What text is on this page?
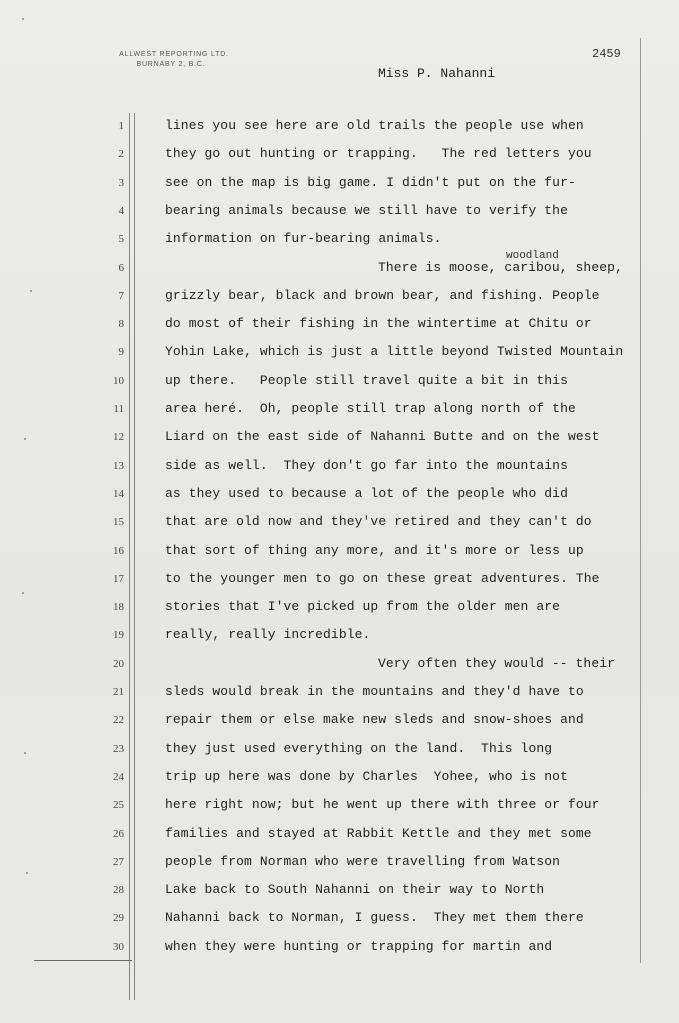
ALLWEST REPORTING LTD.

BURNABY 2, B.C.
2459
Miss P. Nahanni
woodland
1	lines you see here are old trails the people use when
2	they go out hunting or trapping.   The red letters you
3	see on the map is big game. I didn't put on the fur-
4	bearing animals because we still have to verify the
5	information on fur-bearing animals.
6	There is moose, caribou, sheep,
7	grizzly bear, black and brown bear, and fishing. People
8	do most of their fishing in the wintertime at Chitu or
9	Yohin Lake, which is just a little beyond Twisted Mountain
10	up there.   People still travel quite a bit in this
11	area heré.  Oh, people still trap along north of the
12	Liard on the east side of Nahanni Butte and on the west
13	side as well.  They don't go far into the mountains
14	as they used to because a lot of the people who did
15	that are old now and they've retired and they can't do
16	that sort of thing any more, and it's more or less up
17	to the younger men to go on these great adventures. The
18	stories that I've picked up from the older men are
19	really, really incredible.
20	Very often they would -- their
21	sleds would break in the mountains and they'd have to
22	repair them or else make new sleds and snow-shoes and
23	they just used everything on the land.  This long
24	trip up here was done by Charles  Yohee, who is not
25	here right now; but he went up there with three or four
26	families and stayed at Rabbit Kettle and they met some
27	people from Norman who were travelling from Watson
28	Lake back to South Nahanni on their way to North
29	Nahanni back to Norman, I guess.  They met them there
30	when they were hunting or trapping for martin and
